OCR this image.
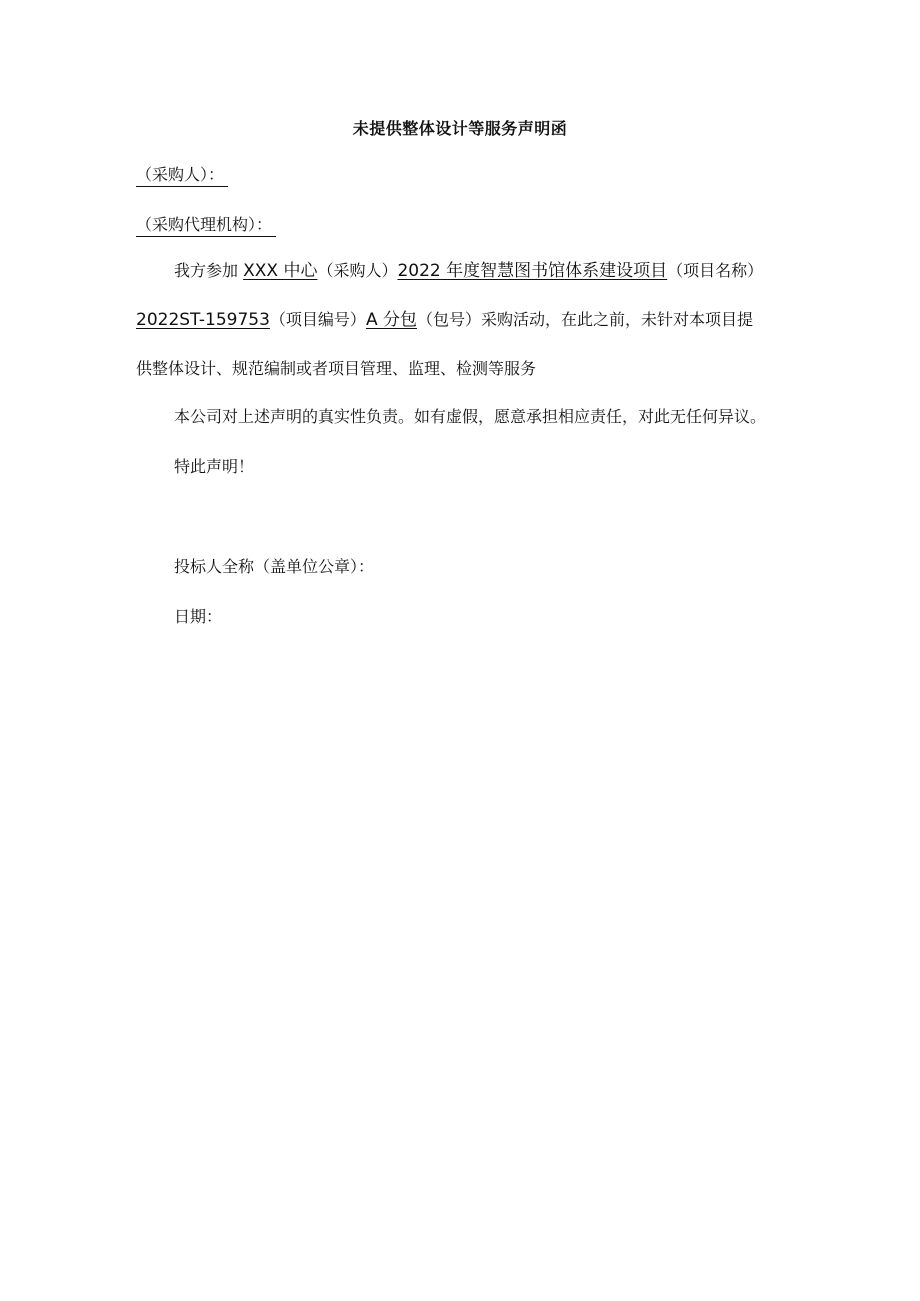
未提供整体设计等服务声明函
（采购人）：
（采购代理机构）：
我方参加 XXX 中心（采购人）2022 年度智慧图书馆体系建设项目（项目名称）
2022ST-159753（项目编号）A 分包（包号）采购活动，在此之前，未针对本项目提
供整体设计、规范编制或者项目管理、监理、检测等服务
本公司对上述声明的真实性负责。如有虚假，愿意承担相应责任，对此无任何异议。
特此声明！
投标人全称（盖单位公章）：
日期：
